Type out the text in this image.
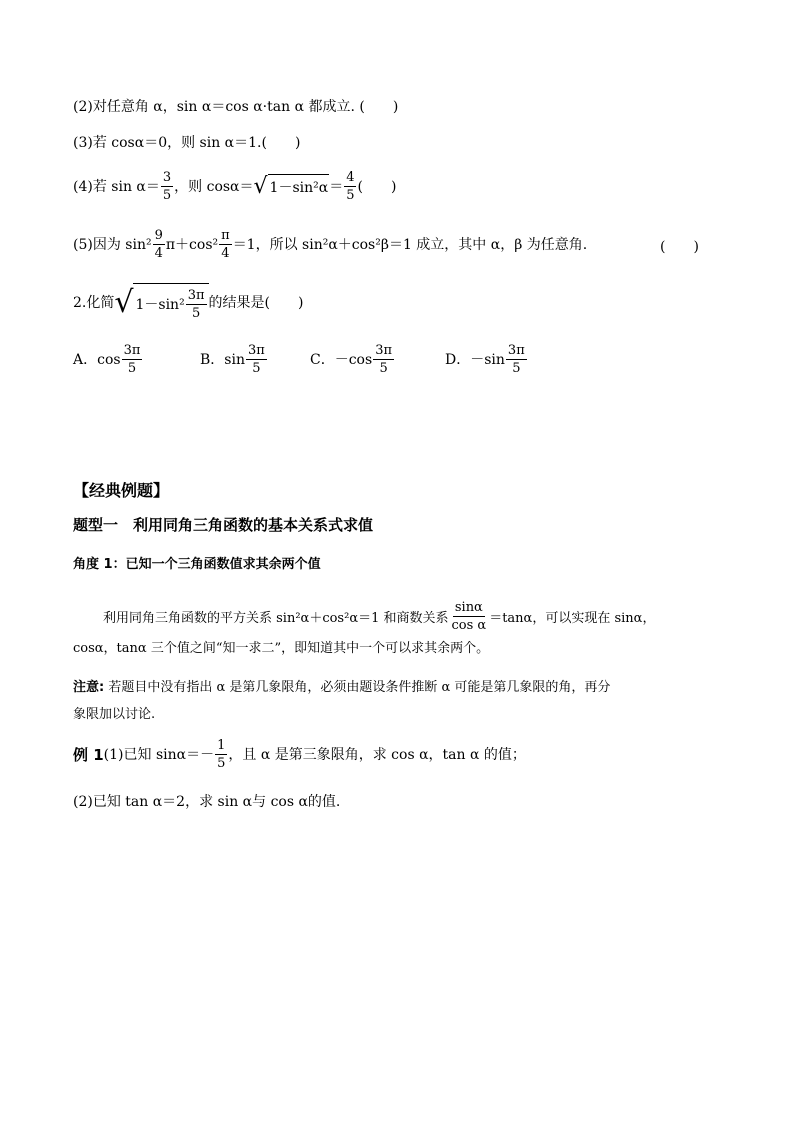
(2)对任意角 α，sin α＝cos α·tan α 都成立. (　　)
(3)若 cosα＝0，则 sin α＝1.(　　)
(4)若 $\sin \alpha= \frac{3}{5}$ ，则 cosα＝ √ $1-\sin^2\alpha = \frac{4}{5}$ (　　)
(5)因为 $\sin^2 \frac{9}{4} \pi+\cos^2 \frac{\pi}{4} =1$，所以 sin²α＋cos²β＝1 成立，其中 α，β 为任意角.	(　　)
2.化简 √ $1-\sin^2 \frac{3\pi}{5}$ 的结果是(　　)
A． $\cos \frac{3\pi}{5}$	B． $\sin \frac{3\pi}{5}$	C． $-\cos \frac{3\pi}{5}$	D． $-\sin \frac{3\pi}{5}$
【经典例题】
题型一　利用同角三角函数的基本关系式求值
角度 1：已知一个三角函数值求其余两个值
利用同角三角函数的平方关系 sin²α＋cos²α＝1 和商数关系 $\frac{\sin\alpha}{\text{cos α}} =\tan\alpha$，可以实现在 sinα，
cosα，tanα 三个值之间“知一求二”，即知道其中一个可以求其余两个。
注意: 若题目中没有指出 α 是第几象限角，必须由题设条件推断 α 可能是第几象限的角，再分
象限加以讨论.
例 1 (1)已知 $\sin\alpha=- \frac{1}{5}$ ，且 α 是第三象限角，求 cos α，tan α 的值；
(2)已知 tan α＝2，求 sin α与 cos α的值.
